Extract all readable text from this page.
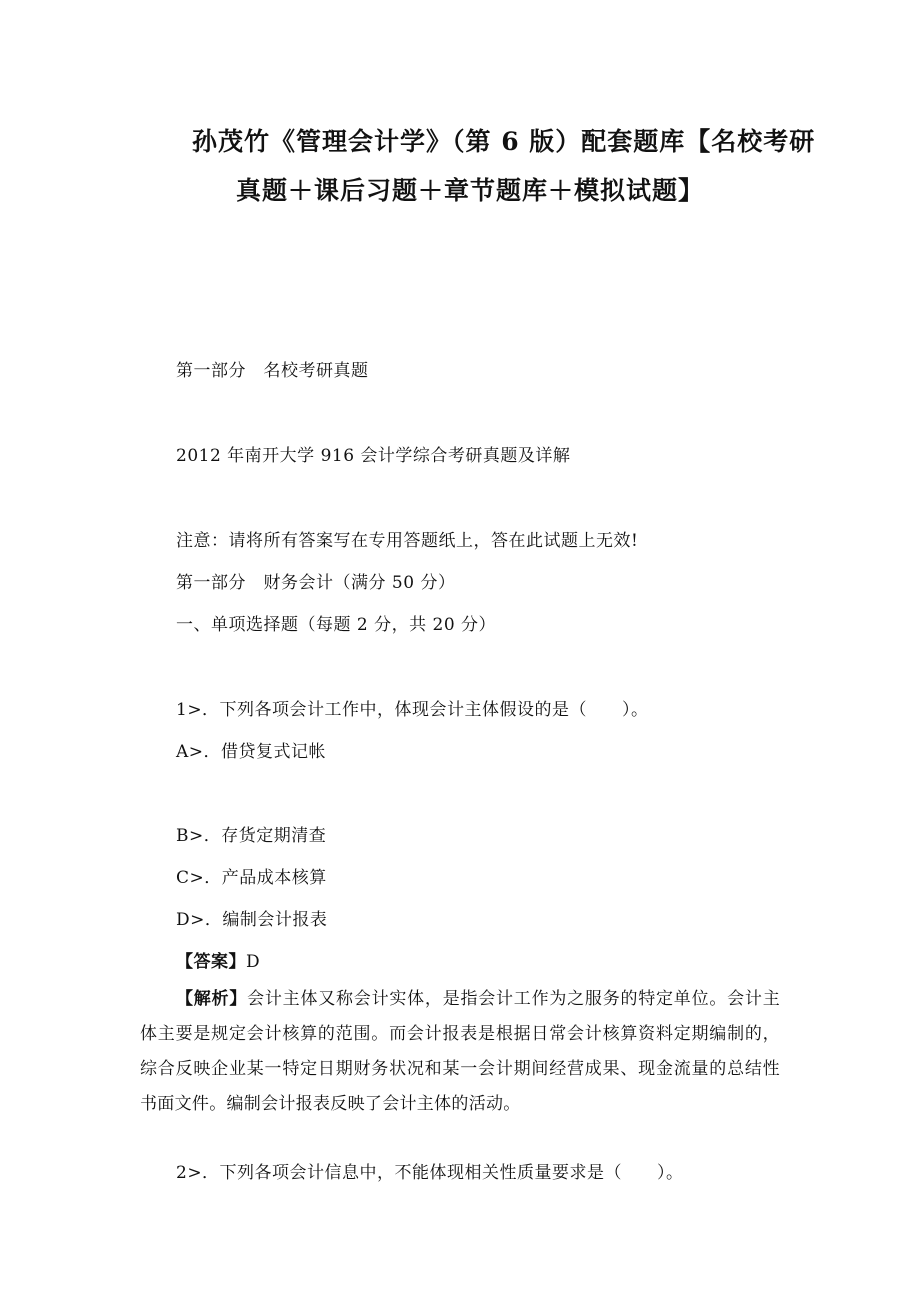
孙茂竹《管理会计学》（第 6 版）配套题库【名校考研
真题＋课后习题＋章节题库＋模拟试题】
第一部分　名校考研真题
2012 年南开大学 916 会计学综合考研真题及详解
注意：请将所有答案写在专用答题纸上，答在此试题上无效!
第一部分　财务会计（满分 50 分）
一、单项选择题（每题 2 分，共 20 分）
1>．下列各项会计工作中，体现会计主体假设的是（　　）。
A>．借贷复式记帐
B>．存货定期清查
C>．产品成本核算
D>．编制会计报表
【答案】D
【解析】会计主体又称会计实体，是指会计工作为之服务的特定单位。会计主体主要是规定会计核算的范围。而会计报表是根据日常会计核算资料定期编制的，综合反映企业某一特定日期财务状况和某一会计期间经营成果、现金流量的总结性书面文件。编制会计报表反映了会计主体的活动。
2>．下列各项会计信息中，不能体现相关性质量要求是（　　）。
